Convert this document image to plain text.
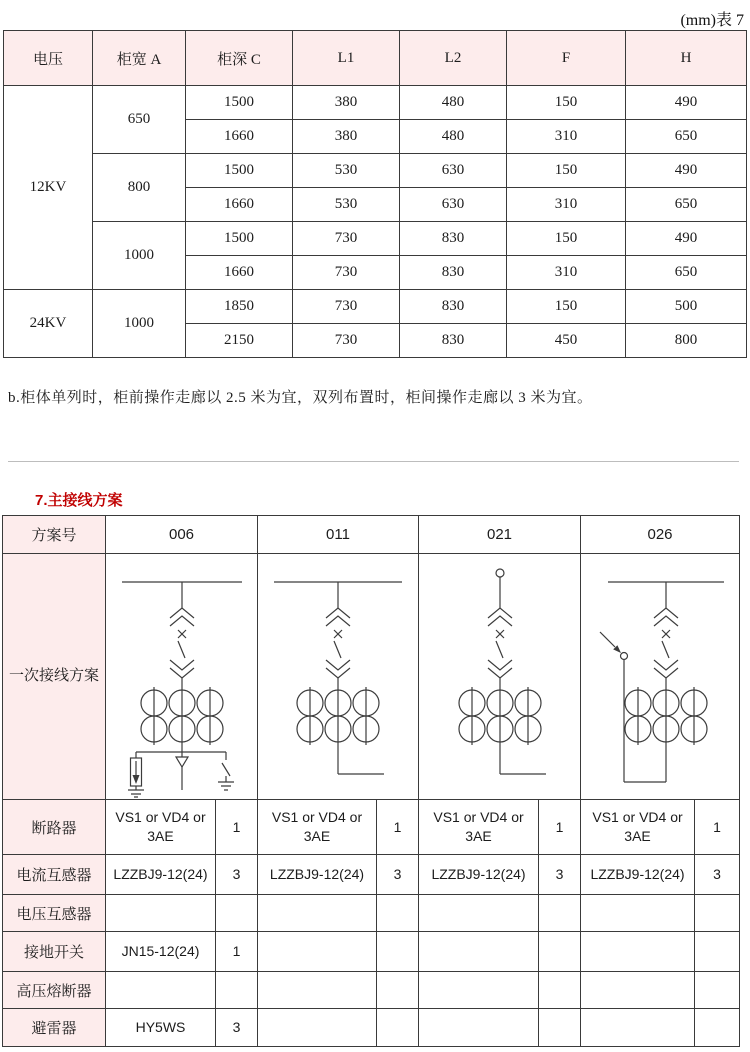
(mm)表 7
电压	柜宽 A	柜深 C	L1	L2	F	H
12KV	650	1500	380	480	150	490
		1660	380	480	310	650
	800	1500	530	630	150	490
		1660	530	630	310	650
	1000	1500	730	830	150	490
		1660	730	830	310	650
24KV	1000	1850	730	830	150	500
		2150	730	830	450	800
b.柜体单列时，柜前操作走廊以 2.5 米为宜，双列布置时，柜间操作走廊以 3 米为宜。
7.主接线方案
方案号	006		011		021		026	
一次接线方案	

断路器	VS1 or VD4 or 3AE	1	VS1 or VD4 or 3AE	1	VS1 or VD4 or 3AE	1	VS1 or VD4 or 3AE	1
电流互感器	LZZBJ9-12(24)	3	LZZBJ9-12(24)	3	LZZBJ9-12(24)	3	LZZBJ9-12(24)	3
电压互感器								
接地开关	JN15-12(24)	1						
高压熔断器								
避雷器	HY5WS	3						
